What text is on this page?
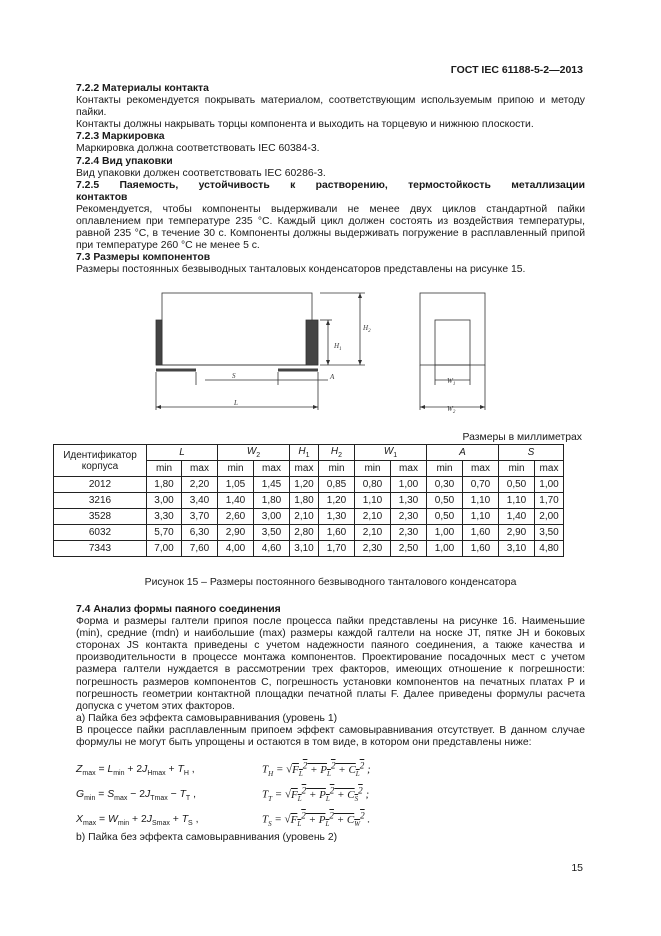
ГОСТ IEC 61188-5-2—2013

7.2.2 Материалы контакта

Контакты рекомендуется покрывать материалом, соответствующим используемым припою и методу пайки.

Контакты должны накрывать торцы компонента и выходить на торцевую и нижнюю плоскости.

7.2.3 Маркировка

Маркировка должна соответствовать IEC 60384-3.

7.2.4 Вид упаковки

Вид упаковки должен соответствовать IEC 60286-3.

7.2.5 Паяемость, устойчивость к растворению, термостойкость металлизации

контактов

Рекомендуется, чтобы компоненты выдерживали не менее двух циклов стандартной пайки оплавлением при температуре 235 °С. Каждый цикл должен состоять из воздействия температуры, равной 235 °С, в течение 30 с. Компоненты должны выдерживать погружение в расплавленный припой при температуре 260 °С не менее 5 с.

7.3 Размеры компонентов

Размеры постоянных безвыводных танталовых конденсаторов представлены на рисунке 15.

$H_1$
$H_2$
S	A
L
$W_1$
$W_2$
Размеры в миллиметрах
Идентификатор корпуса	L		$W_2$		$H_1$	$H_2$	$W_1$		A		S	
	min	max	min	max	max	min	min	max	min	max	min	max
2012	1,80	2,20	1,05	1,45	1,20	0,85	0,80	1,00	0,30	0,70	0,50	1,00
3216	3,00	3,40	1,40	1,80	1,80	1,20	1,10	1,30	0,50	1,10	1,10	1,70
3528	3,30	3,70	2,60	3,00	2,10	1,30	2,10	2,30	0,50	1,10	1,40	2,00
6032	5,70	6,30	2,90	3,50	2,80	1,60	2,10	2,30	1,00	1,60	2,90	3,50
7343	7,00	7,60	4,00	4,60	3,10	1,70	2,30	2,50	1,00	1,60	3,10	4,80
Рисунок 15 – Размеры постоянного безвыводного танталового конденсатора

7.4 Анализ формы паяного соединения

Форма и размеры галтели припоя после процесса пайки представлены на рисунке 16. Наименьшие (min), средние (mdn) и наибольшие (max) размеры каждой галтели на носке JT, пятке JH и боковых сторонах JS контакта приведены с учетом надежности паяного соединения, а также качества и производительности в процессе монтажа компонентов. Проектирование посадочных мест с учетом размера галтели нуждается в рассмотрении трех факторов, имеющих отношение к погрешности: погрешность размеров компонентов C, погрешность установки компонентов на печатных платах P и погрешность геометрии контактной площадки печатной платы F. Далее приведены формулы расчета допуска с учетом этих факторов.

a) Пайка без эффекта самовыравнивания (уровень 1)

В процессе пайки расплавленным припоем эффект самовыравнивания отсутствует. В данном случае формулы не могут быть упрощены и остаются в том виде, в котором они представлены ниже:

$Z_{max} = L_{min} + 2J_{Hmax} + T_H$ ,	$T_H = √F_L^2 + P_L^2 + C_L^2$ ;
$G_{min} = S_{max} - 2J_{Tmax} - T_T$ ,	$T_T = √F_L^2 + P_L^2 + C_S^2$ ;
$X_{max} = W_{min} + 2J_{Smax} + T_S$ ,	$T_S = √F_L^2 + P_L^2 + C_W^2$ .
b) Пайка без эффекта самовыравнивания (уровень 2)
15
